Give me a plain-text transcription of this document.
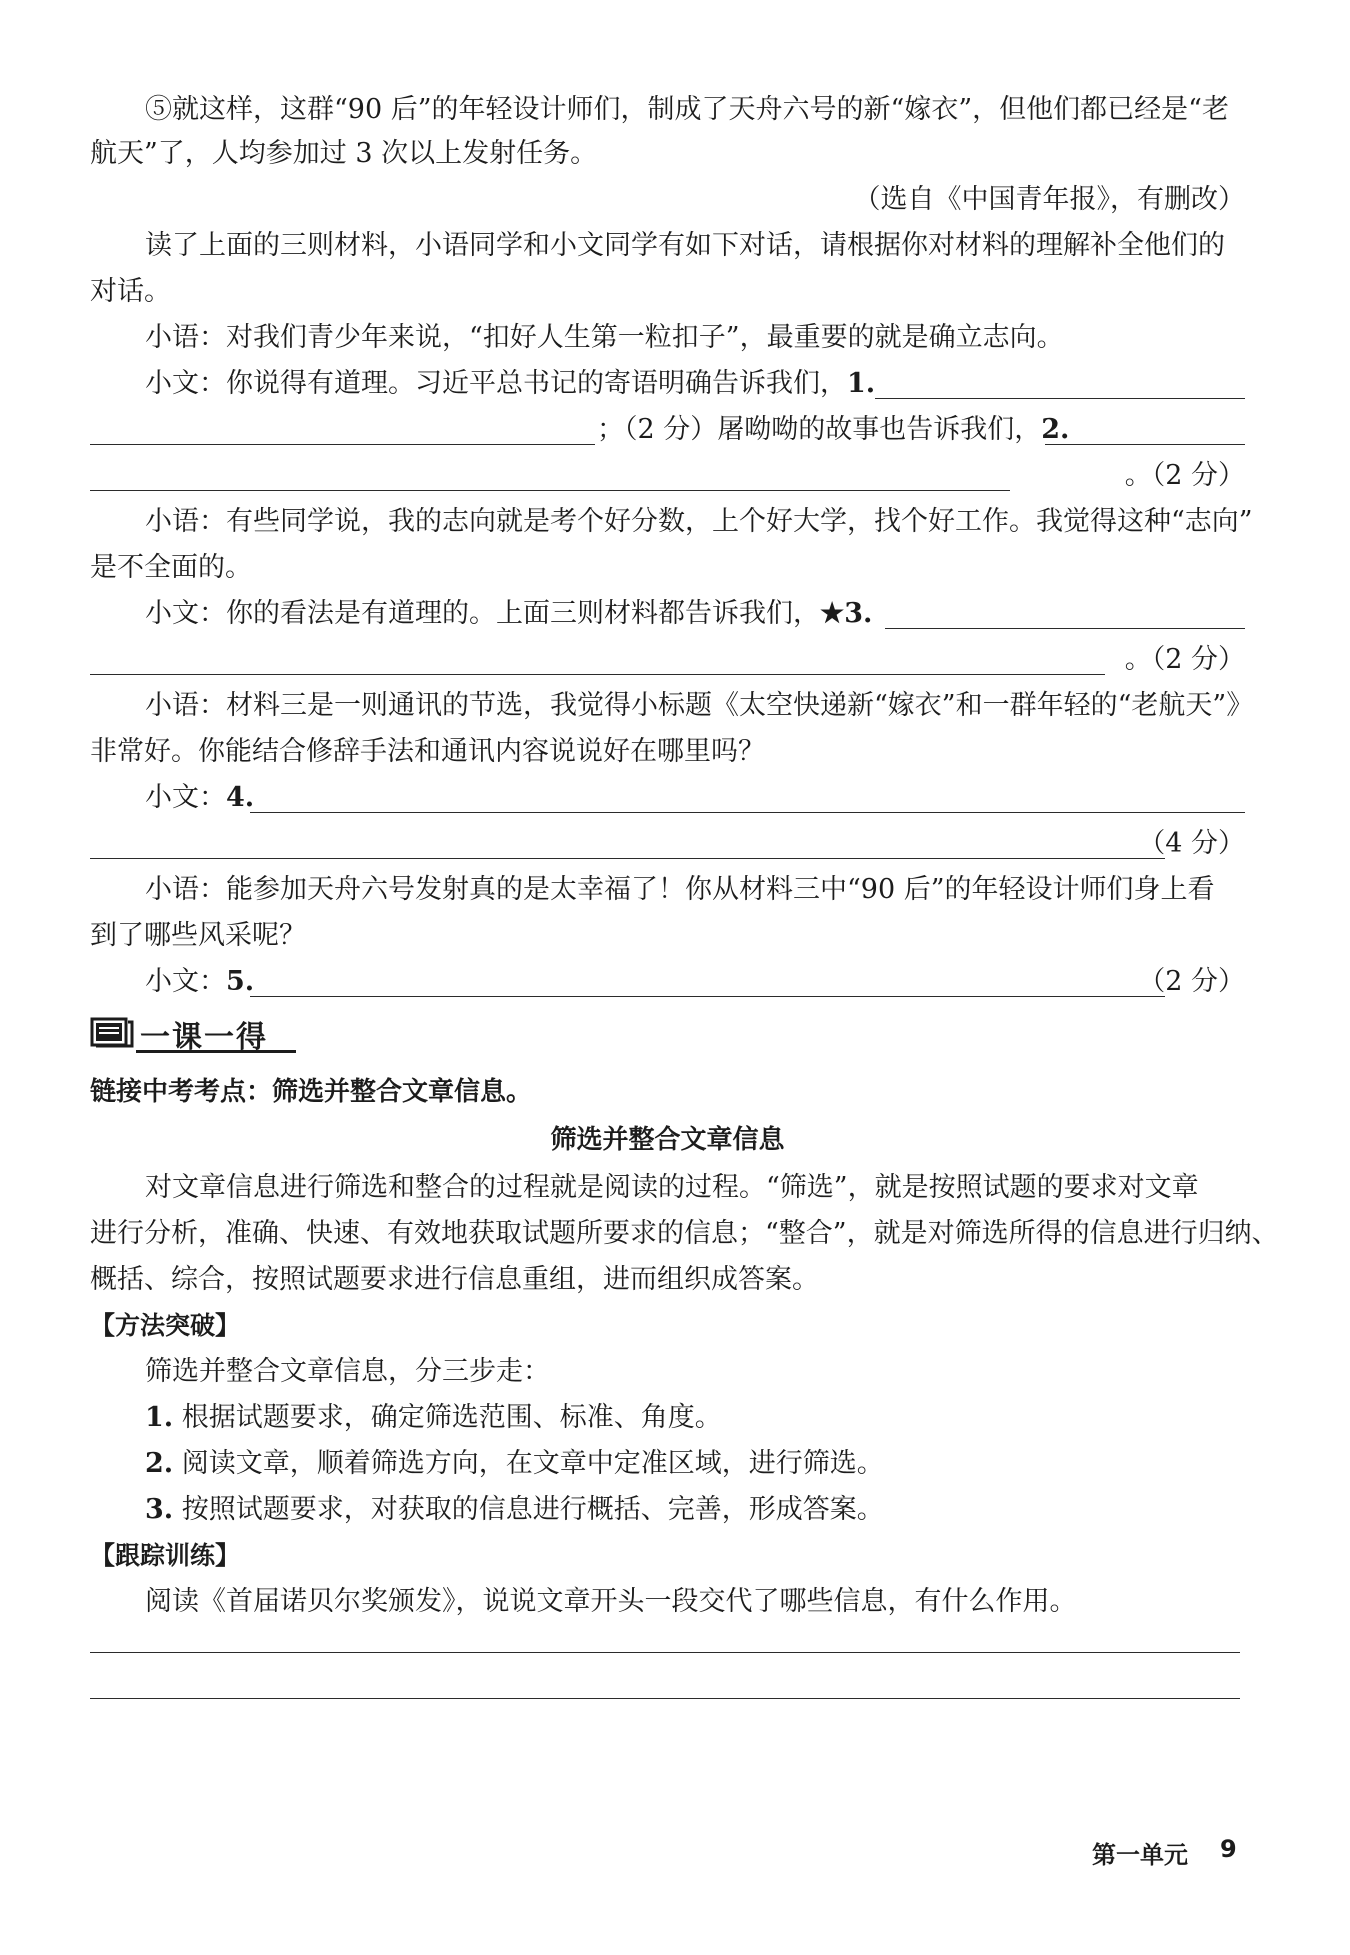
⑤就这样，这群“90 后”的年轻设计师们，制成了天舟六号的新“嫁衣”，但他们都已经是“老
航天”了，人均参加过 3 次以上发射任务。
（选自《中国青年报》，有删改）
读了上面的三则材料，小语同学和小文同学有如下对话，请根据你对材料的理解补全他们的
对话。
小语：对我们青少年来说，“扣好人生第一粒扣子”，最重要的就是确立志向。
小文：你说得有道理。习近平总书记的寄语明确告诉我们，1.
；（2 分）屠呦呦的故事也告诉我们，2.
。（2 分）
小语：有些同学说，我的志向就是考个好分数，上个好大学，找个好工作。我觉得这种“志向”
是不全面的。
小文：你的看法是有道理的。上面三则材料都告诉我们，★3.
。（2 分）
小语：材料三是一则通讯的节选，我觉得小标题《太空快递新“嫁衣”和一群年轻的“老航天”》
非常好。你能结合修辞手法和通讯内容说说好在哪里吗？
小文：4.
（4 分）
小语：能参加天舟六号发射真的是太幸福了！你从材料三中“90 后”的年轻设计师们身上看
到了哪些风采呢？
小文：5.	（2 分）
一课一得
链接中考考点：筛选并整合文章信息。
筛选并整合文章信息
对文章信息进行筛选和整合的过程就是阅读的过程。“筛选”，就是按照试题的要求对文章
进行分析，准确、快速、有效地获取试题所要求的信息；“整合”，就是对筛选所得的信息进行归纳、
概括、综合，按照试题要求进行信息重组，进而组织成答案。
【方法突破】
筛选并整合文章信息，分三步走：
1. 根据试题要求，确定筛选范围、标准、角度。
2. 阅读文章，顺着筛选方向，在文章中定准区域，进行筛选。
3. 按照试题要求，对获取的信息进行概括、完善，形成答案。
【跟踪训练】
阅读《首届诺贝尔奖颁发》，说说文章开头一段交代了哪些信息，有什么作用。
第一单元 9
